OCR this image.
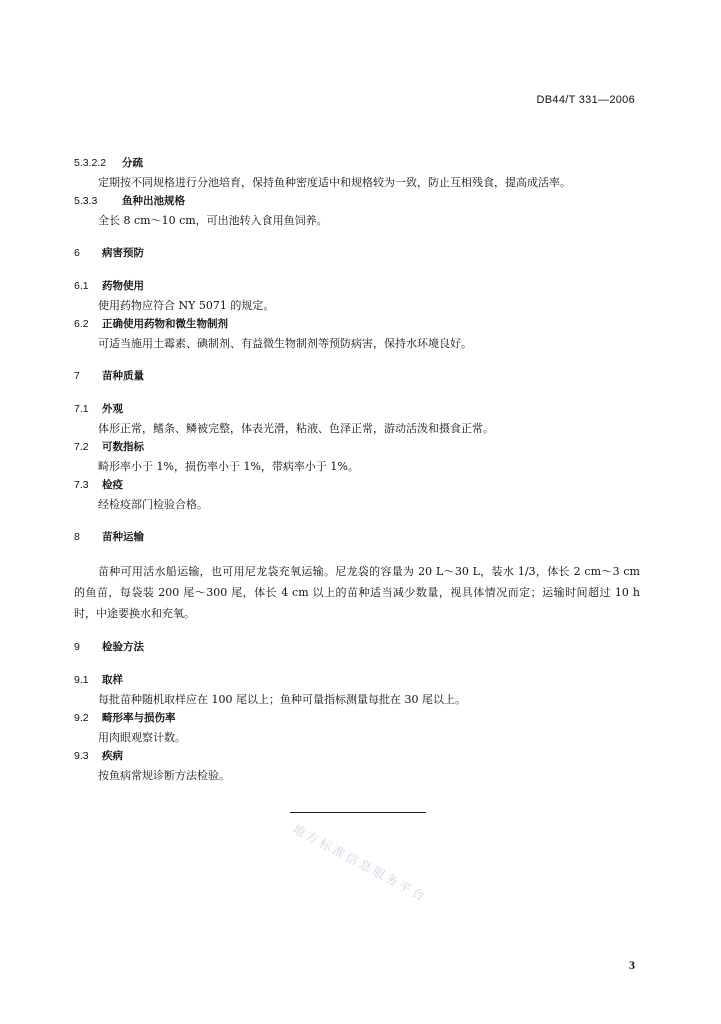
DB44/T 331—2006
5.3.2.2 分疏
定期按不同规格进行分池培育，保持鱼种密度适中和规格较为一致，防止互相残食，提高成活率。
5.3.3 鱼种出池规格
全长 8 cm～10 cm，可出池转入食用鱼饲养。
6 病害预防
6.1 药物使用
使用药物应符合 NY 5071 的规定。
6.2 正确使用药物和微生物制剂
可适当施用土霉素、碘制剂、有益微生物制剂等预防病害，保持水环境良好。
7 苗种质量
7.1 外观
体形正常，鳍条、鳞被完整，体表光滑，粘液、色泽正常，游动活泼和摄食正常。
7.2 可数指标
畸形率小于 1%，损伤率小于 1%，带病率小于 1%。
7.3 检疫
经检疫部门检验合格。
8 苗种运输
苗种可用活水船运输，也可用尼龙袋充氧运输。尼龙袋的容量为 20 L～30 L，装水 1/3，体长 2 cm～3 cm 的鱼苗，每袋装 200 尾～300 尾，体长 4 cm 以上的苗种适当减少数量，视具体情况而定；运输时间超过 10 h 时，中途要换水和充氧。
9 检验方法
9.1 取样
每批苗种随机取样应在 100 尾以上；鱼种可量指标测量每批在 30 尾以上。
9.2 畸形率与损伤率
用肉眼观察计数。
9.3 疾病
按鱼病常规诊断方法检验。
地方标准信息服务平台
3
